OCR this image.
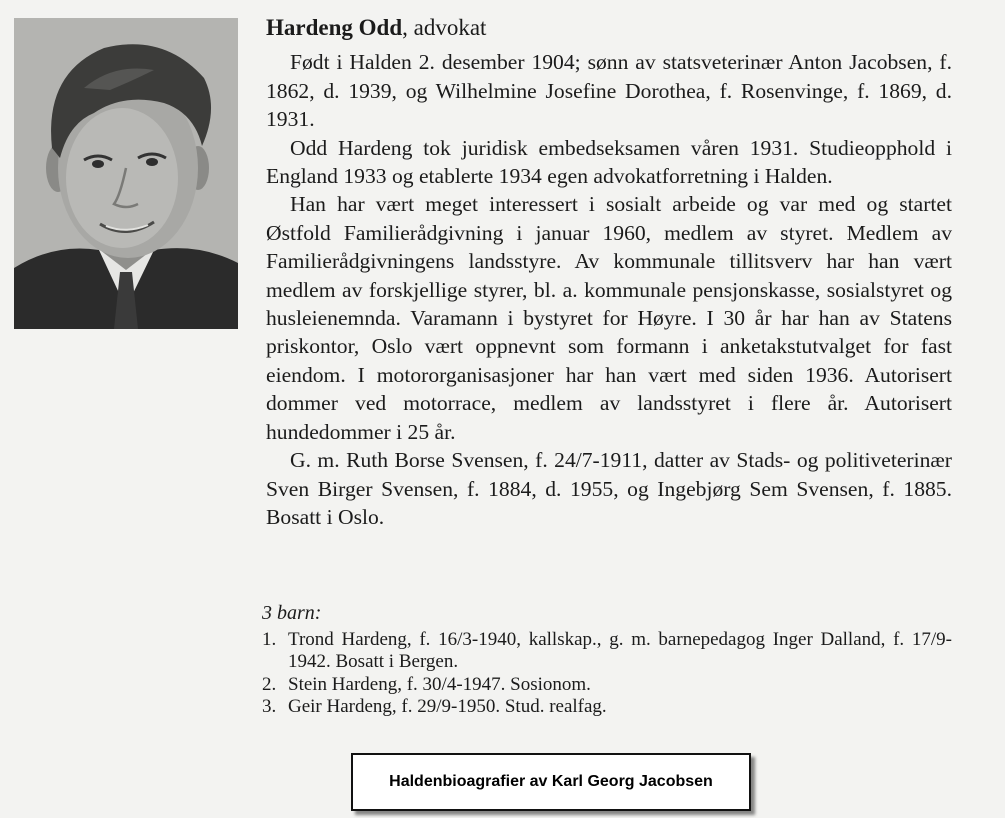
Hardeng Odd, advokat

Født i Halden 2. desember 1904; sønn av statsveterinær Anton Jacobsen, f. 1862, d. 1939, og Wilhelmine Josefine Dorothea, f. Rosenvinge, f. 1869, d. 1931.

Odd Hardeng tok juridisk embedseksamen våren 1931. Studieopphold i England 1933 og etablerte 1934 egen advokatforretning i Halden.

Han har vært meget interessert i sosialt arbeide og var med og startet Østfold Familierådgivning i januar 1960, medlem av styret. Medlem av Familierådgivningens landsstyre. Av kommunale tillitsverv har han vært medlem av forskjellige styrer, bl. a. kommunale pensjonskasse, sosialstyret og husleienemnda. Varamann i bystyret for Høyre. I 30 år har han av Statens priskontor, Oslo vært oppnevnt som formann i anketakstutvalget for fast eiendom. I motororganisasjoner har han vært med siden 1936. Autorisert dommer ved motorrace, medlem av landsstyret i flere år. Autorisert hundedommer i 25 år.

G. m. Ruth Borse Svensen, f. 24/7-1911, datter av Stads- og politiveterinær Sven Birger Svensen, f. 1884, d. 1955, og Ingebjørg Sem Svensen, f. 1885. Bosatt i Oslo.

3 barn:
1. Trond Hardeng, f. 16/3-1940, kallskap., g. m. barnepedagog Inger Dalland, f. 17/9-1942. Bosatt i Bergen.
2. Stein Hardeng, f. 30/4-1947. Sosionom.
3. Geir Hardeng, f. 29/9-1950. Stud. realfag.
Haldenbioagrafier av Karl Georg Jacobsen
